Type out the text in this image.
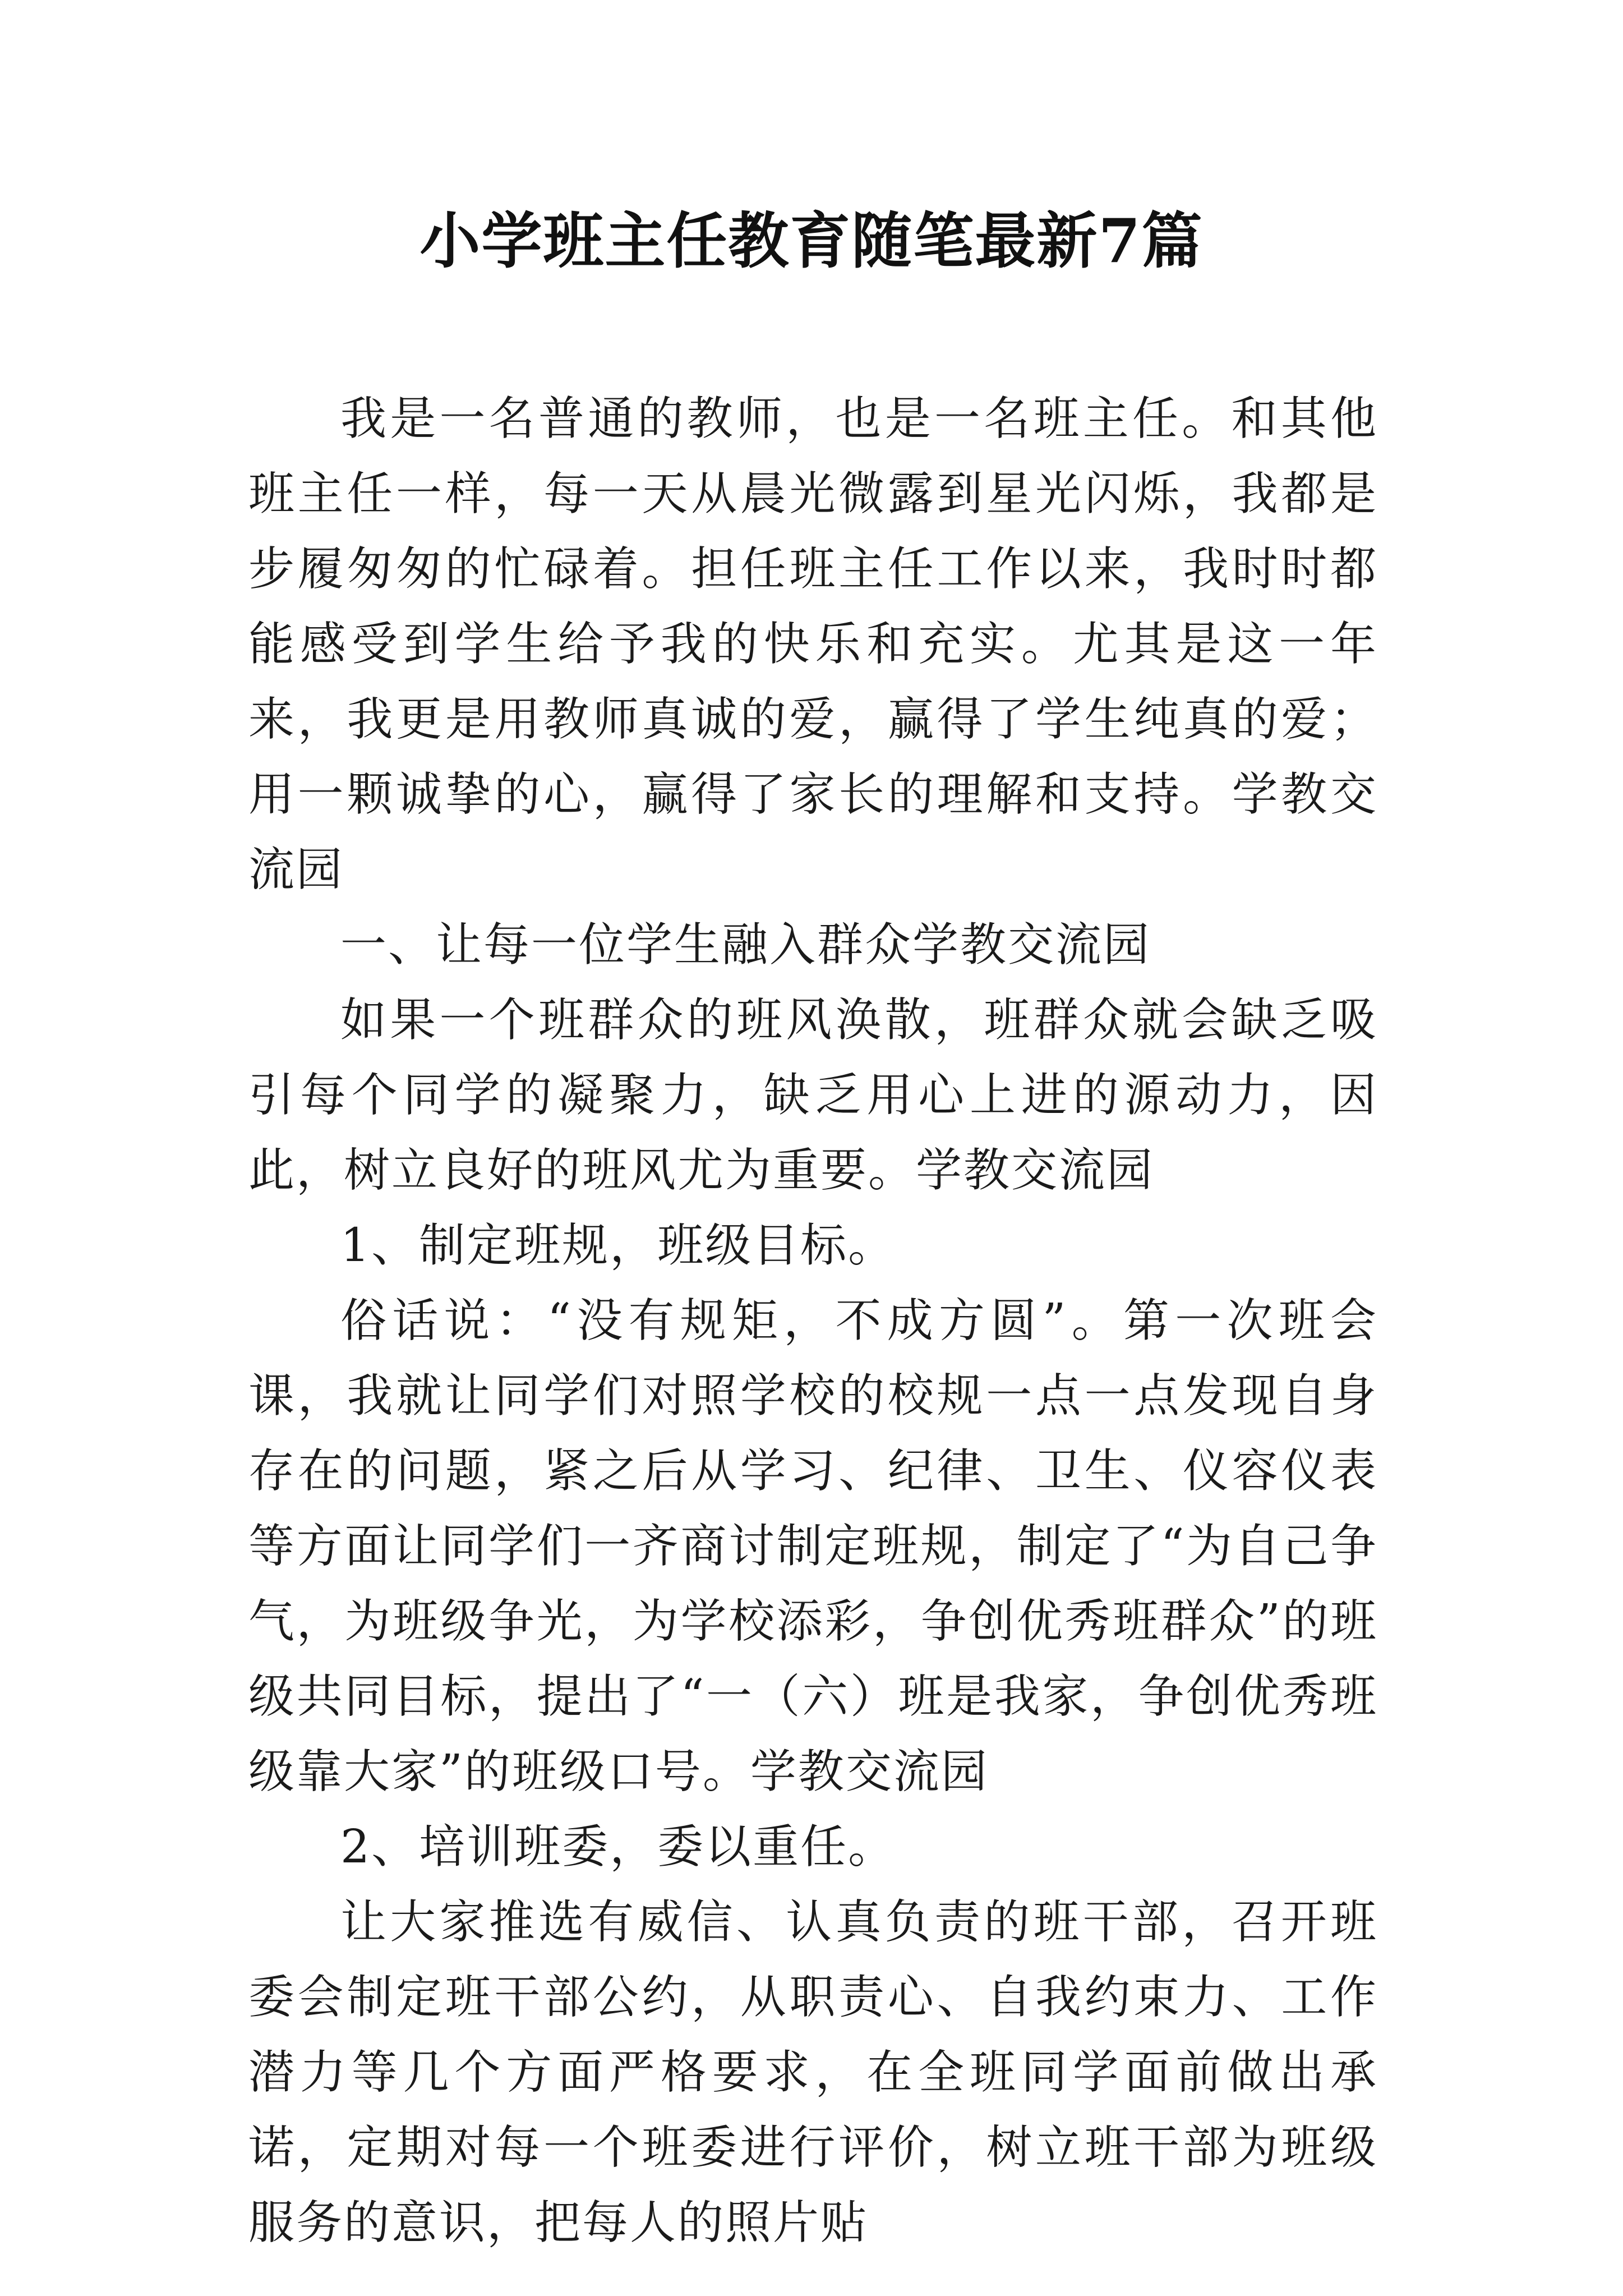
小学班主任教育随笔最新7篇

我是一名普通的教师，也是一名班主任。和其他班主任一样，每一天从晨光微露到星光闪烁，我都是步履匆匆的忙碌着。担任班主任工作以来，我时时都能感受到学生给予我的快乐和充实。尤其是这一年来，我更是用教师真诚的爱，赢得了学生纯真的爱；用一颗诚挚的心，赢得了家长的理解和支持。学教交流园

一、让每一位学生融入群众学教交流园

如果一个班群众的班风涣散，班群众就会缺乏吸引每个同学的凝聚力，缺乏用心上进的源动力，因此，树立良好的班风尤为重要。学教交流园

1、制定班规，班级目标。

俗话说：“没有规矩，不成方圆”。第一次班会课，我就让同学们对照学校的校规一点一点发现自身存在的问题，紧之后从学习、纪律、卫生、仪容仪表等方面让同学们一齐商讨制定班规，制定了“为自己争气，为班级争光，为学校添彩，争创优秀班群众”的班级共同目标，提出了“一（六）班是我家，争创优秀班级靠大家”的班级口号。学教交流园

2、培训班委，委以重任。

让大家推选有威信、认真负责的班干部，召开班委会制定班干部公约，从职责心、自我约束力、工作潜力等几个方面严格要求，在全班同学面前做出承诺，定期对每一个班委进行评价，树立班干部为班级服务的意识，把每人的照片贴
